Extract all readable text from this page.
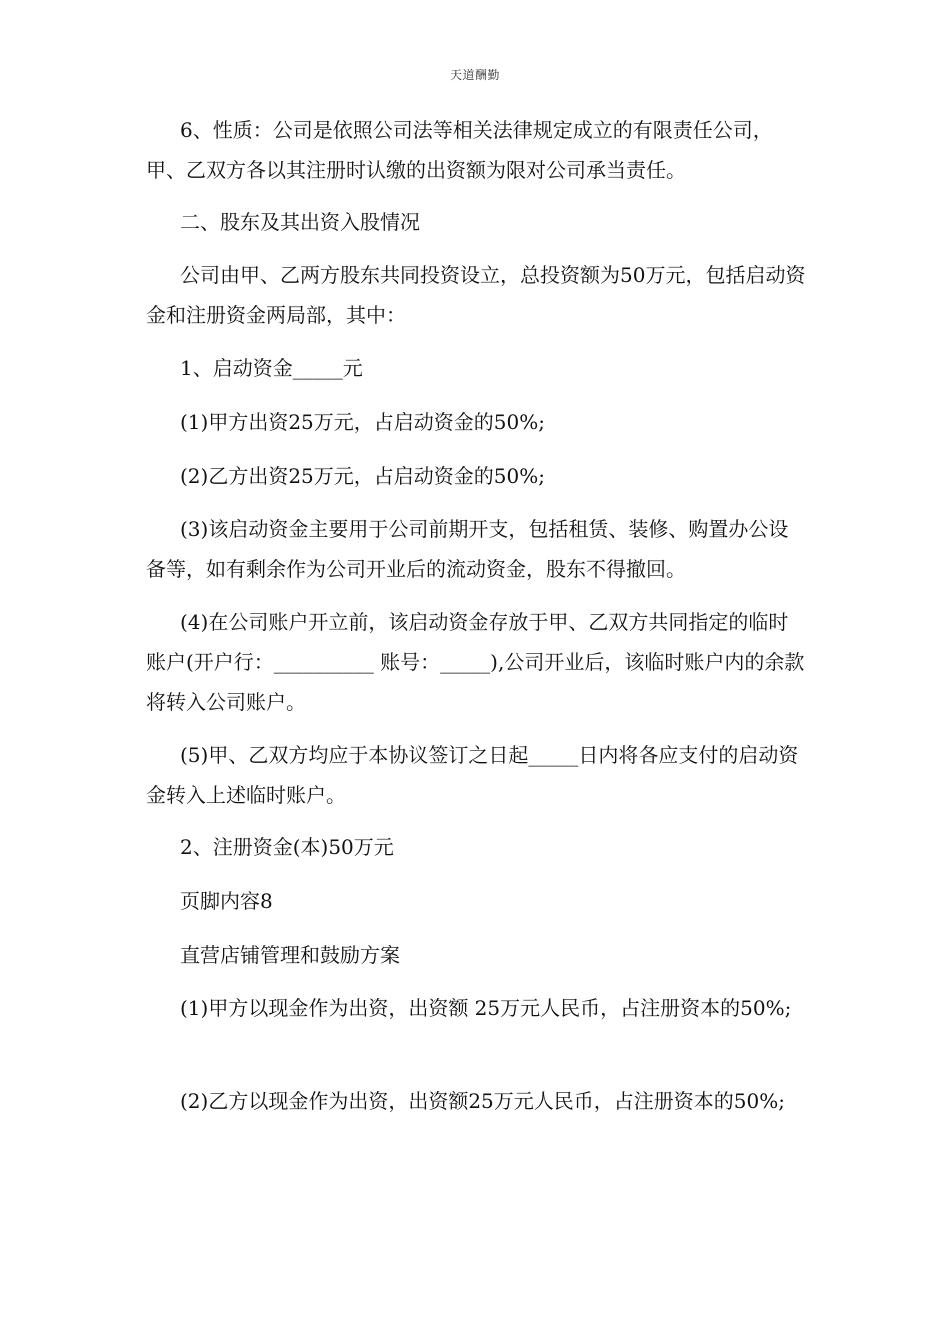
天道酬勤

6、性质：公司是依照公司法等相关法律规定成立的有限责任公司，甲、乙双方各以其注册时认缴的出资额为限对公司承当责任。

二、股东及其出资入股情况

公司由甲、乙两方股东共同投资设立，总投资额为50万元，包括启动资金和注册资金两局部，其中：

1、启动资金_____元

(1)甲方出资25万元，占启动资金的50%;

(2)乙方出资25万元，占启动资金的50%;

(3)该启动资金主要用于公司前期开支，包括租赁、装修、购置办公设备等，如有剩余作为公司开业后的流动资金，股东不得撤回。

(4)在公司账户开立前，该启动资金存放于甲、乙双方共同指定的临时账户(开户行：__________ 账号：_____),公司开业后，该临时账户内的余款将转入公司账户。

(5)甲、乙双方均应于本协议签订之日起_____日内将各应支付的启动资金转入上述临时账户。

2、注册资金(本)50万元

页脚内容8

直营店铺管理和鼓励方案

(1)甲方以现金作为出资，出资额 25万元人民币，占注册资本的50%;

(2)乙方以现金作为出资，出资额25万元人民币，占注册资本的50%;
